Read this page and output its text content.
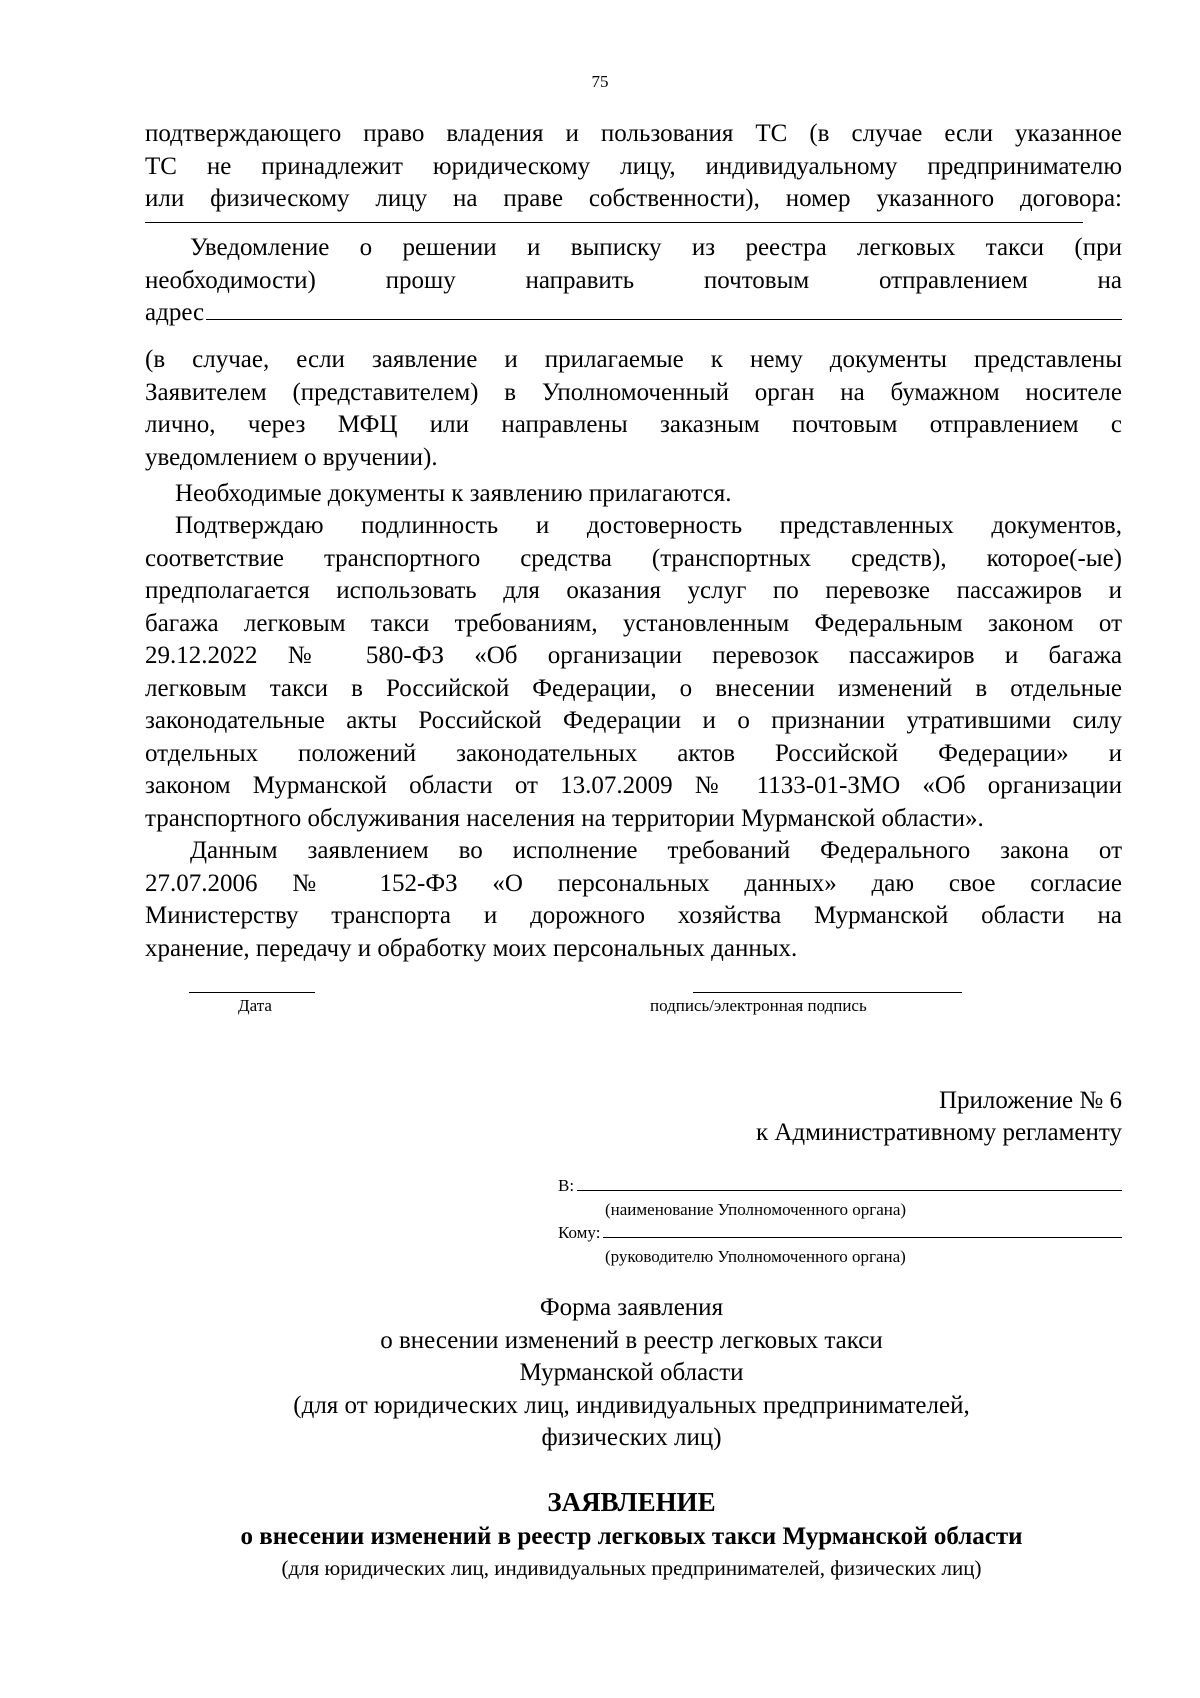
75
подтверждающего право владения и пользования ТС (в случае если указанное
ТС не принадлежит юридическому лицу, индивидуальному предпринимателю
или физическому лицу на праве собственности), номер указанного договора:
Уведомление о решении и выписку из реестра легковых такси (при
необходимости) прошу направить почтовым отправлением на
адрес
(в случае, если заявление и прилагаемые к нему документы представлены
Заявителем (представителем) в Уполномоченный орган на бумажном носителе
лично, через МФЦ или направлены заказным почтовым отправлением с
уведомлением о вручении).
Необходимые документы к заявлению прилагаются.
Подтверждаю подлинность и достоверность представленных документов,
соответствие транспортного средства (транспортных средств), которое(-ые)
предполагается использовать для оказания услуг по перевозке пассажиров и
багажа легковым такси требованиям, установленным Федеральным законом от
29.12.2022 № 580-ФЗ «Об организации перевозок пассажиров и багажа
легковым такси в Российской Федерации, о внесении изменений в отдельные
законодательные акты Российской Федерации и о признании утратившими силу
отдельных положений законодательных актов Российской Федерации» и
законом Мурманской области от 13.07.2009 № 1133-01-ЗМО «Об организации
транспортного обслуживания населения на территории Мурманской области».
Данным заявлением во исполнение требований Федерального закона от
27.07.2006 № 152-ФЗ «О персональных данных» даю свое согласие
Министерству транспорта и дорожного хозяйства Мурманской области на
хранение, передачу и обработку моих персональных данных.
Дата	подпись/электронная подпись
Приложение № 6
к Административному регламенту
В:
(наименование Уполномоченного органа)
Кому:
(руководителю Уполномоченного органа)
Форма заявления
о внесении изменений в реестр легковых такси
Мурманской области
(для от юридических лиц, индивидуальных предпринимателей,
физических лиц)
ЗАЯВЛЕНИЕ
о внесении изменений в реестр легковых такси Мурманской области
(для юридических лиц, индивидуальных предпринимателей, физических лиц)
